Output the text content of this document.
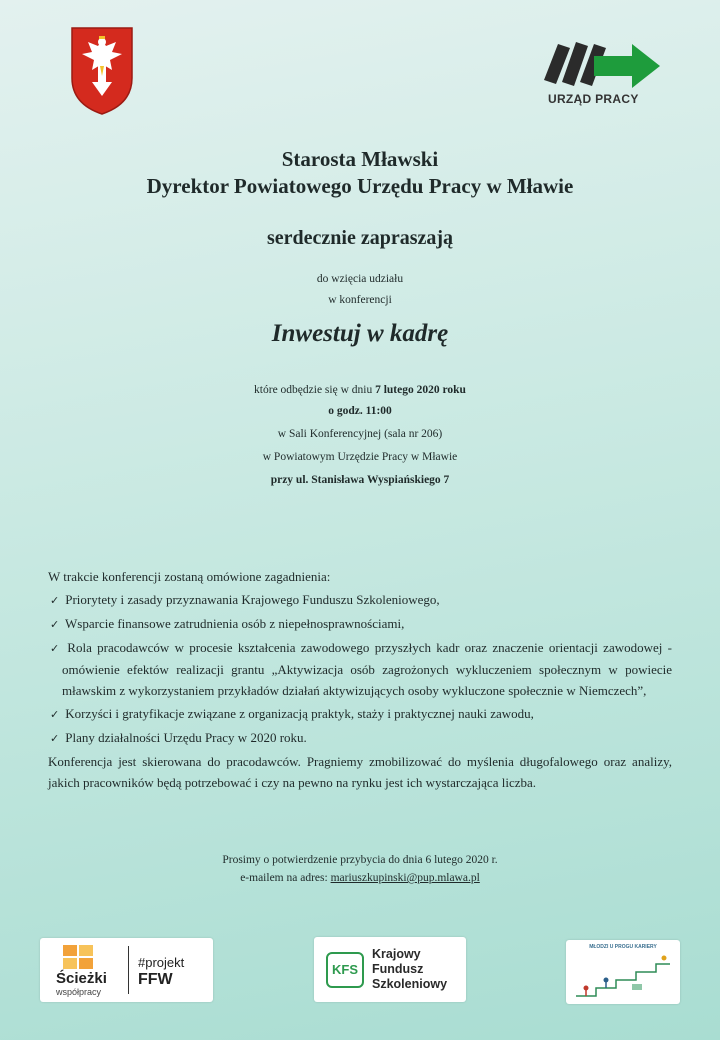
URZĄD PRACY
Starosta Mławski
Dyrektor Powiatowego Urzędu Pracy w Mławie
serdecznie zapraszają
do wzięcia udziału
w konferencji
Inwestuj w kadrę
które odbędzie się w dniu 7 lutego 2020 roku
o godz. 11:00
w Sali Konferencyjnej (sala nr 206)
w Powiatowym Urzędzie Pracy w Mławie
przy ul. Stanisława Wyspiańskiego 7

W trakcie konferencji zostaną omówione zagadnienia:

✓ Priorytety i zasady przyznawania Krajowego Funduszu Szkoleniowego,
✓ Wsparcie finansowe zatrudnienia osób z niepełnosprawnościami,
✓ Rola pracodawców w procesie kształcenia zawodowego przyszłych kadr oraz znaczenie orientacji zawodowej - omówienie efektów realizacji grantu „Aktywizacja osób zagrożonych wykluczeniem społecznym w powiecie mławskim z wykorzystaniem przykładów działań aktywizujących osoby wykluczone społecznie w Niemczech”,
✓ Korzyści i gratyfikacje związane z organizacją praktyk, staży i praktycznej nauki zawodu,
✓ Plany działalności Urzędu Pracy w 2020 roku.

Konferencja jest skierowana do pracodawców. Pragniemy zmobilizować do myślenia długofalowego oraz analizy, jakich pracowników będą potrzebować i czy na pewno na rynku jest ich wystarczająca liczba.

Prosimy o potwierdzenie przybycia do dnia 6 lutego 2020 r.
e-mailem na adres: mariuszkupinski@pup.mlawa.pl
Ścieżki
współpracy
#projekt
FFW
KFS
Krajowy
Fundusz
Szkoleniowy
MŁODZI U PROGU KARIERY
